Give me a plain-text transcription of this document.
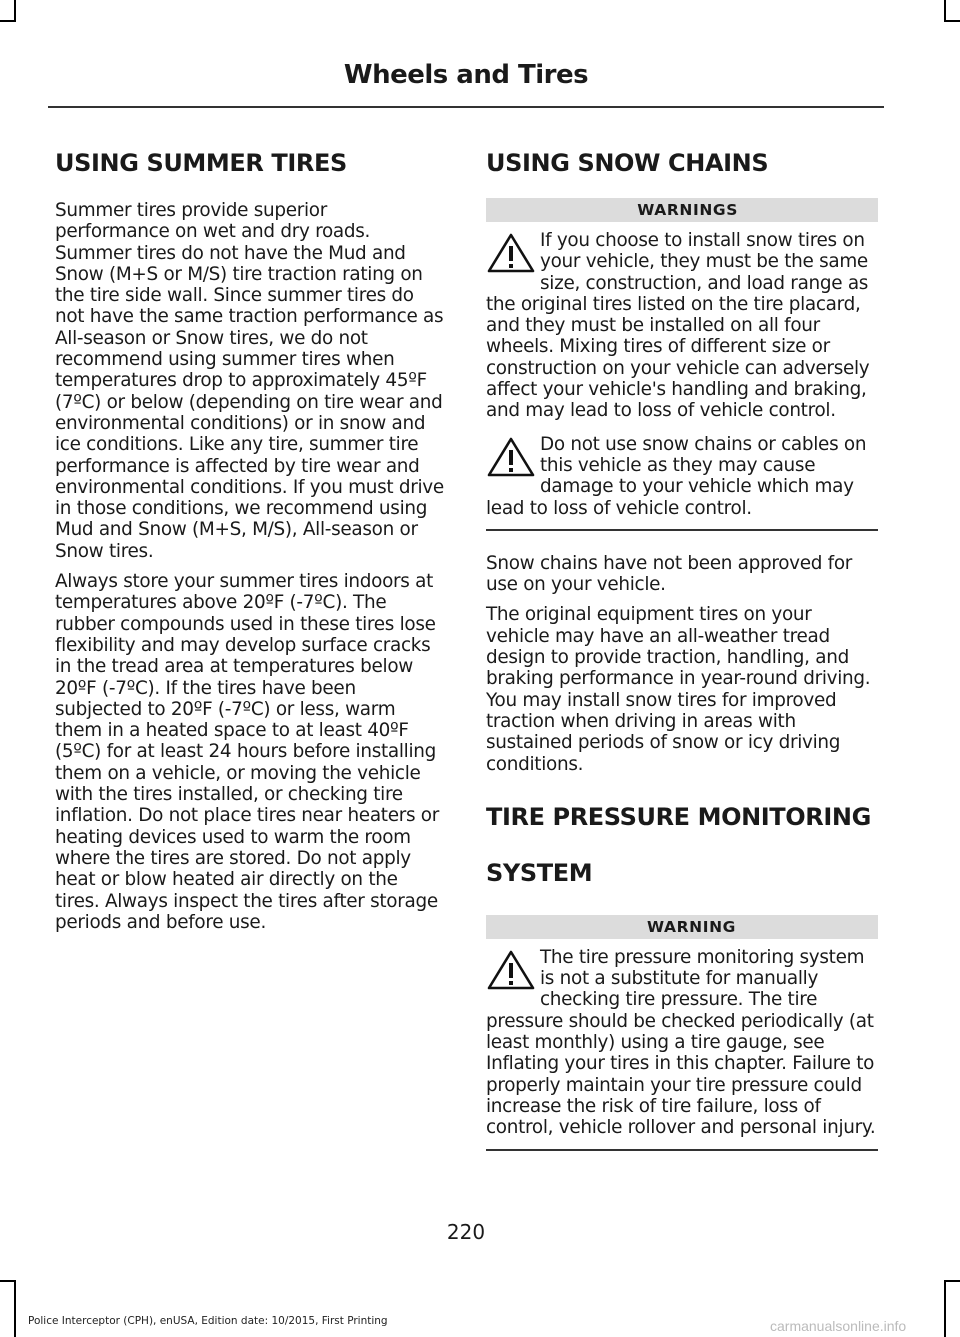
Wheels and Tires
USING SUMMER TIRES

Summer tires provide superior performance on wet and dry roads. Summer tires do not have the Mud and Snow (M+S or M/S) tire traction rating on the tire side wall. Since summer tires do not have the same traction performance as All-season or Snow tires, we do not recommend using summer tires when temperatures drop to approximately 45ºF (7ºC) or below (depending on tire wear and environmental conditions) or in snow and ice conditions. Like any tire, summer tire performance is affected by tire wear and environmental conditions. If you must drive in those conditions, we recommend using Mud and Snow (M+S, M/S), All-season or Snow tires.

Always store your summer tires indoors at temperatures above 20ºF (-7ºC). The rubber compounds used in these tires lose flexibility and may develop surface cracks in the tread area at temperatures below 20ºF (-7ºC). If the tires have been subjected to 20ºF (-7ºC) or less, warm them in a heated space to at least 40ºF (5ºC) for at least 24 hours before installing them on a vehicle, or moving the vehicle with the tires installed, or checking tire inflation. Do not place tires near heaters or heating devices used to warm the room where the tires are stored. Do not apply heat or blow heated air directly on the tires. Always inspect the tires after storage periods and before use.

USING SNOW CHAINS
WARNINGS
If you choose to install snow tires on your vehicle, they must be the same size, construction, and load range as the original tires listed on the tire placard, and they must be installed on all four wheels. Mixing tires of different size or construction on your vehicle can adversely affect your vehicle's handling and braking, and may lead to loss of vehicle control.
Do not use snow chains or cables on this vehicle as they may cause damage to your vehicle which may lead to loss of vehicle control.

Snow chains have not been approved for use on your vehicle.

The original equipment tires on your vehicle may have an all-weather tread design to provide traction, handling, and braking performance in year-round driving. You may install snow tires for improved traction when driving in areas with sustained periods of snow or icy driving conditions.

TIRE PRESSURE MONITORING
SYSTEM
WARNING
The tire pressure monitoring system is not a substitute for manually checking tire pressure. The tire pressure should be checked periodically (at least monthly) using a tire gauge, see Inflating your tires in this chapter. Failure to properly maintain your tire pressure could increase the risk of tire failure, loss of control, vehicle rollover and personal injury.
220
Police Interceptor (CPH), enUSA, Edition date: 10/2015, First Printing	carmanualsonline.info
